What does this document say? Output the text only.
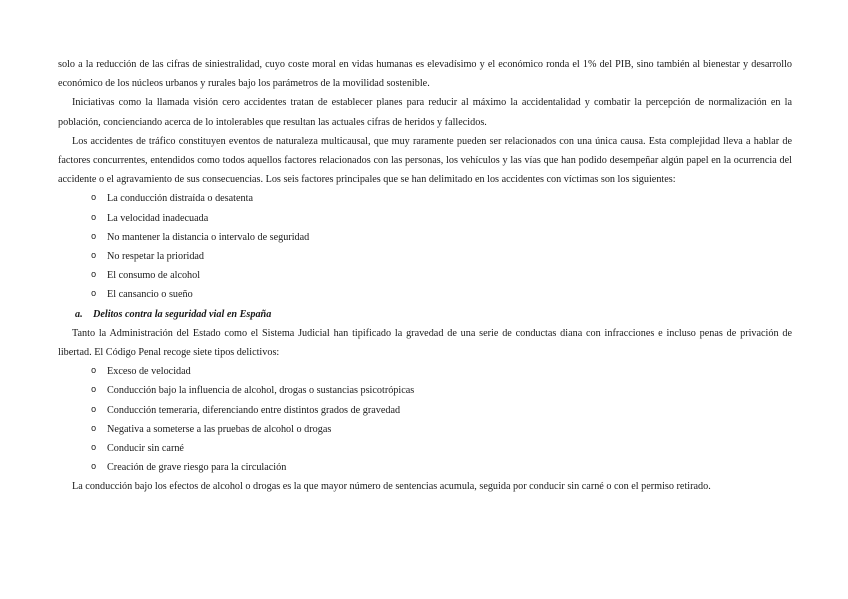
solo a la reducción de las cifras de siniestralidad, cuyo coste moral en vidas humanas es elevadísimo y el económico ronda el 1% del PIB, sino también al bienestar y desarrollo económico de los núcleos urbanos y rurales bajo los parámetros de la movilidad sostenible.

Iniciativas como la llamada visión cero accidentes tratan de establecer planes para reducir al máximo la accidentalidad y combatir la percepción de normalización en la población, concienciando acerca de lo intolerables que resultan las actuales cifras de heridos y fallecidos.

Los accidentes de tráfico constituyen eventos de naturaleza multicausal, que muy raramente pueden ser relacionados con una única causa. Esta complejidad lleva a hablar de factores concurrentes, entendidos como todos aquellos factores relacionados con las personas, los vehículos y las vías que han podido desempeñar algún papel en la ocurrencia del accidente o el agravamiento de sus consecuencias. Los seis factores principales que se han delimitado en los accidentes con víctimas son los siguientes:

o La conducción distraída o desatenta
o La velocidad inadecuada
o No mantener la distancia o intervalo de seguridad
o No respetar la prioridad
o El consumo de alcohol
o El cansancio o sueño

a. Delitos contra la seguridad vial en España

Tanto la Administración del Estado como el Sistema Judicial han tipificado la gravedad de una serie de conductas diana con infracciones e incluso penas de privación de libertad. El Código Penal recoge siete tipos delictivos:

o Exceso de velocidad
o Conducción bajo la influencia de alcohol, drogas o sustancias psicotrópicas
o Conducción temeraria, diferenciando entre distintos grados de gravedad
o Negativa a someterse a las pruebas de alcohol o drogas
o Conducir sin carné
o Creación de grave riesgo para la circulación

La conducción bajo los efectos de alcohol o drogas es la que mayor número de sentencias acumula, seguida por conducir sin carné o con el permiso retirado.
